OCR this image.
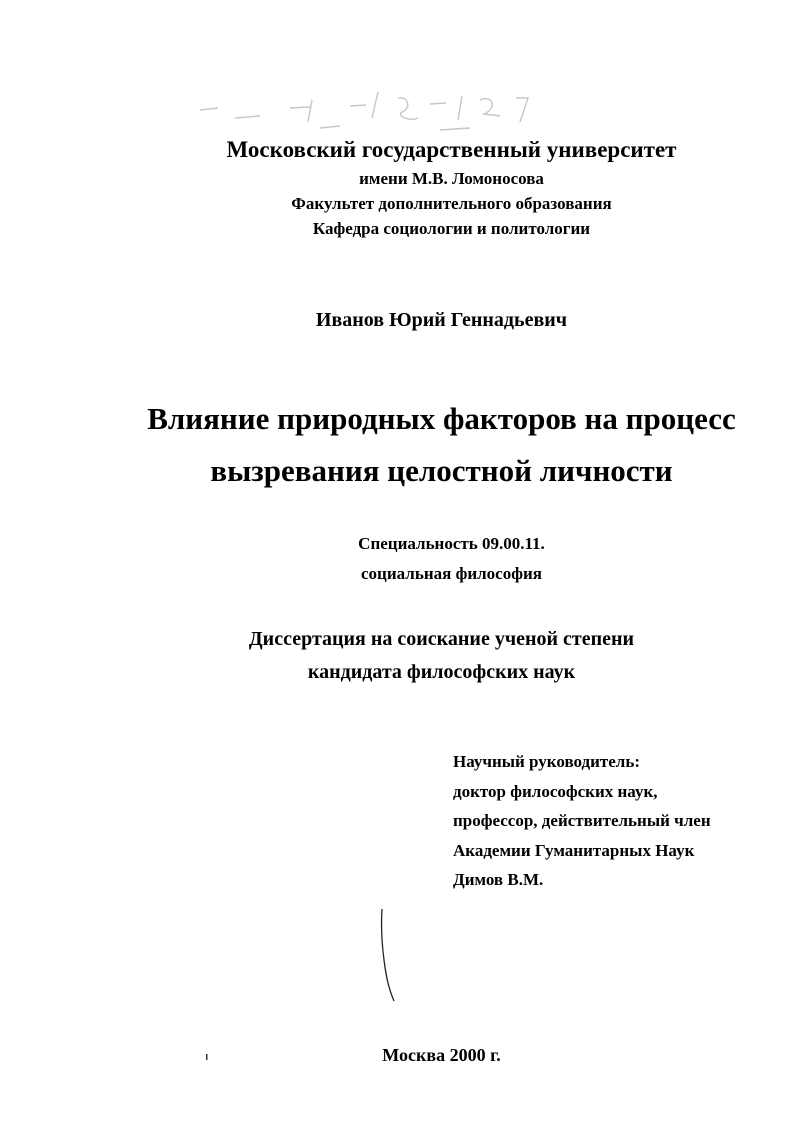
Московский государственный университет
имени М.В. Ломоносова
Факультет дополнительного образования
Кафедра социологии и политологии
Иванов Юрий Геннадьевич
Влияние природных факторов на процесс
вызревания целостной личности
Специальность 09.00.11.
социальная философия
Диссертация на соискание ученой степени
кандидата философских наук
Научный руководитель:
доктор философских наук,
профессор, действительный член
Академии Гуманитарных Наук
Димов В.М.
Москва 2000 г.
